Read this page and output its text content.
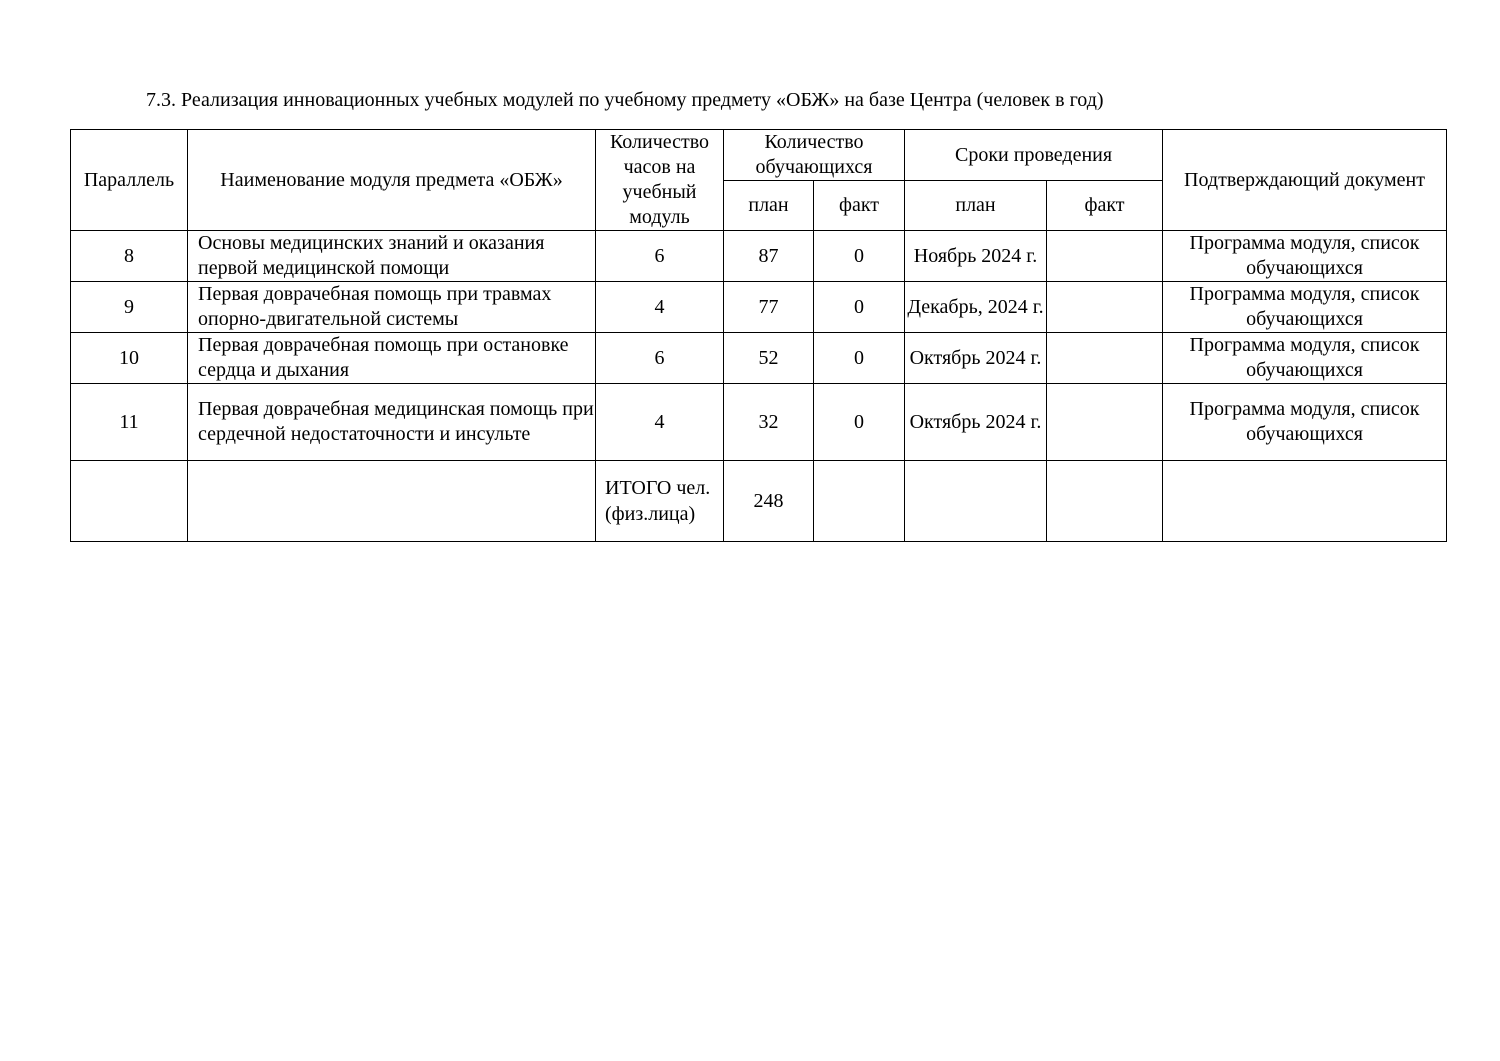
7.3. Реализация инновационных учебных модулей по учебному предмету «ОБЖ» на базе Центра (человек в год)
Параллель	Наименование модуля предмета «ОБЖ»	Количество часов на учебный модуль	Количество обучающихся		Сроки проведения		Подтверждающий документ
			план	факт	план	факт	
8	Основы медицинских знаний и оказания первой медицинской помощи	6	87	0	Ноябрь 2024 г.		Программа модуля, список обучающихся
9	Первая доврачебная помощь при травмах опорно-двигательной системы	4	77	0	Декабрь, 2024 г.		Программа модуля, список обучающихся
10	Первая доврачебная помощь при остановке сердца и дыхания	6	52	0	Октябрь 2024 г.		Программа модуля, список обучающихся
11	Первая доврачебная медицинская помощь при сердечной недостаточности и инсульте	4	32	0	Октябрь 2024 г.		Программа модуля, список обучающихся
		ИТОГО чел. (физ.лица)	248				
